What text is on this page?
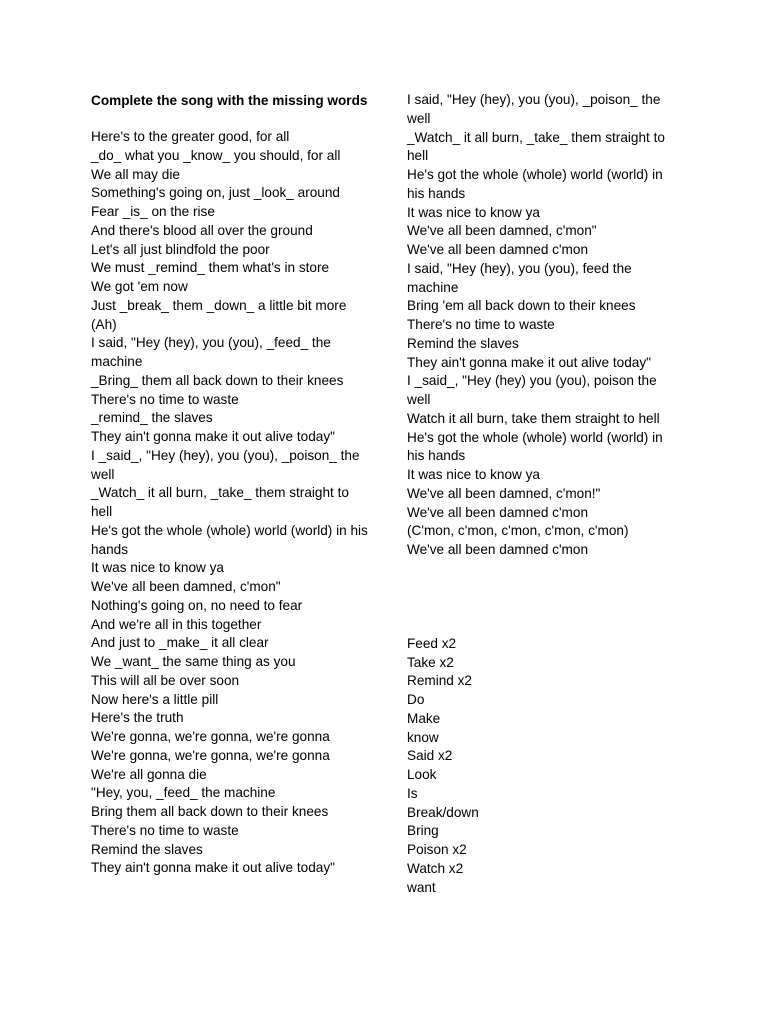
Complete the song with the missing words
Here's to the greater good, for all
_do_ what you _know_ you should, for all
We all may die
Something's going on, just _look_ around
Fear _is_ on the rise
And there's blood all over the ground
Let's all just blindfold the poor
We must _remind_ them what's in store
We got 'em now
Just _break_ them _down_ a little bit more (Ah)
I said, "Hey (hey), you (you), _feed_ the machine
_Bring_ them all back down to their knees
There's no time to waste
_remind_ the slaves
They ain't gonna make it out alive today"
I _said_, "Hey (hey), you (you), _poison_ the well
_Watch_ it all burn, _take_ them straight to hell
He's got the whole (whole) world (world) in his hands
It was nice to know ya
We've all been damned, c'mon"
Nothing's going on, no need to fear
And we're all in this together
And just to _make_ it all clear
We _want_ the same thing as you
This will all be over soon
Now here's a little pill
Here's the truth
We're gonna, we're gonna, we're gonna
We're gonna, we're gonna, we're gonna
We're all gonna die
"Hey, you, _feed_ the machine
Bring them all back down to their knees
There's no time to waste
Remind the slaves
They ain't gonna make it out alive today"
I said, "Hey (hey), you (you), _poison_ the well
_Watch_ it all burn, _take_ them straight to hell
He's got the whole (whole) world (world) in his hands
It was nice to know ya
We've all been damned, c'mon"
We've all been damned c'mon
I said, "Hey (hey), you (you), feed the machine
Bring 'em all back down to their knees
There's no time to waste
Remind the slaves
They ain't gonna make it out alive today"
I _said_, "Hey (hey) you (you), poison the well
Watch it all burn, take them straight to hell
He's got the whole (whole) world (world) in his hands
It was nice to know ya
We've all been damned, c'mon!"
We've all been damned c'mon
(C'mon, c'mon, c'mon, c'mon, c'mon)
We've all been damned c'mon
Feed x2
Take x2
Remind x2
Do
Make
know
Said x2
Look
Is
Break/down
Bring
Poison x2
Watch x2
want
